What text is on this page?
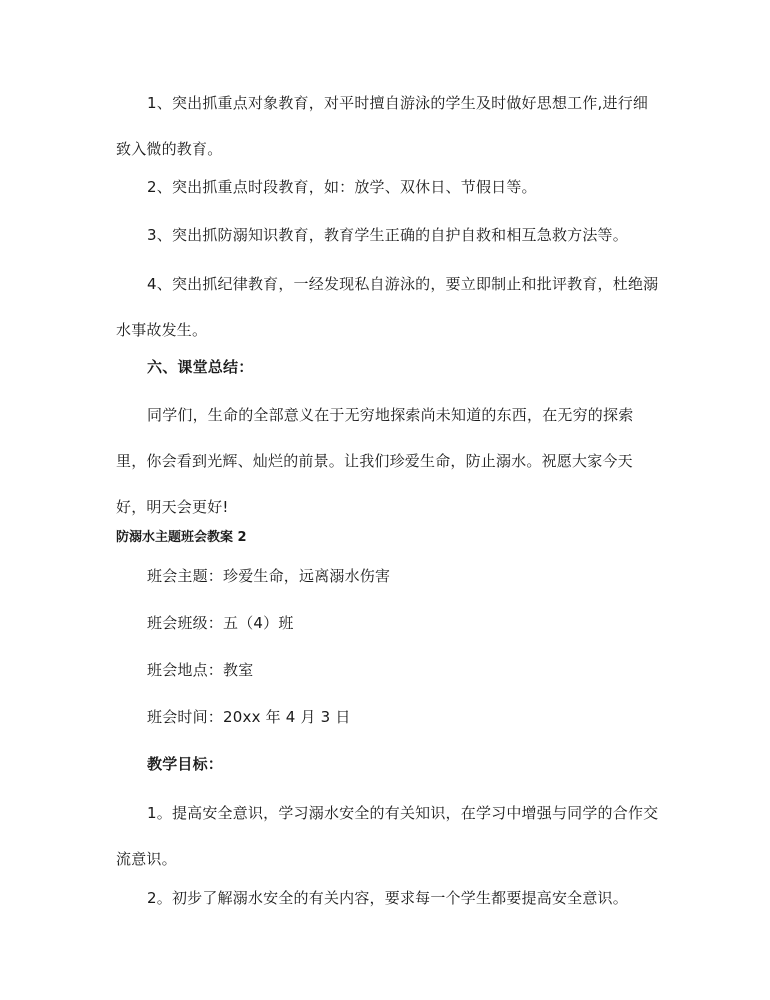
1、突出抓重点对象教育，对平时擅自游泳的学生及时做好思想工作,进行细致入微的教育。

2、突出抓重点时段教育，如：放学、双休日、节假日等。

3、突出抓防溺知识教育，教育学生正确的自护自救和相互急救方法等。

4、突出抓纪律教育，一经发现私自游泳的，要立即制止和批评教育，杜绝溺水事故发生。

六、课堂总结：

同学们，生命的全部意义在于无穷地探索尚未知道的东西，在无穷的探索里，你会看到光辉、灿烂的前景。让我们珍爱生命，防止溺水。祝愿大家今天好，明天会更好!

防溺水主题班会教案 2

班会主题：珍爱生命，远离溺水伤害

班会班级：五（4）班

班会地点：教室

班会时间：20xx 年 4 月 3 日

教学目标：

1。提高安全意识，学习溺水安全的有关知识，在学习中增强与同学的合作交流意识。

2。初步了解溺水安全的有关内容，要求每一个学生都要提高安全意识。
